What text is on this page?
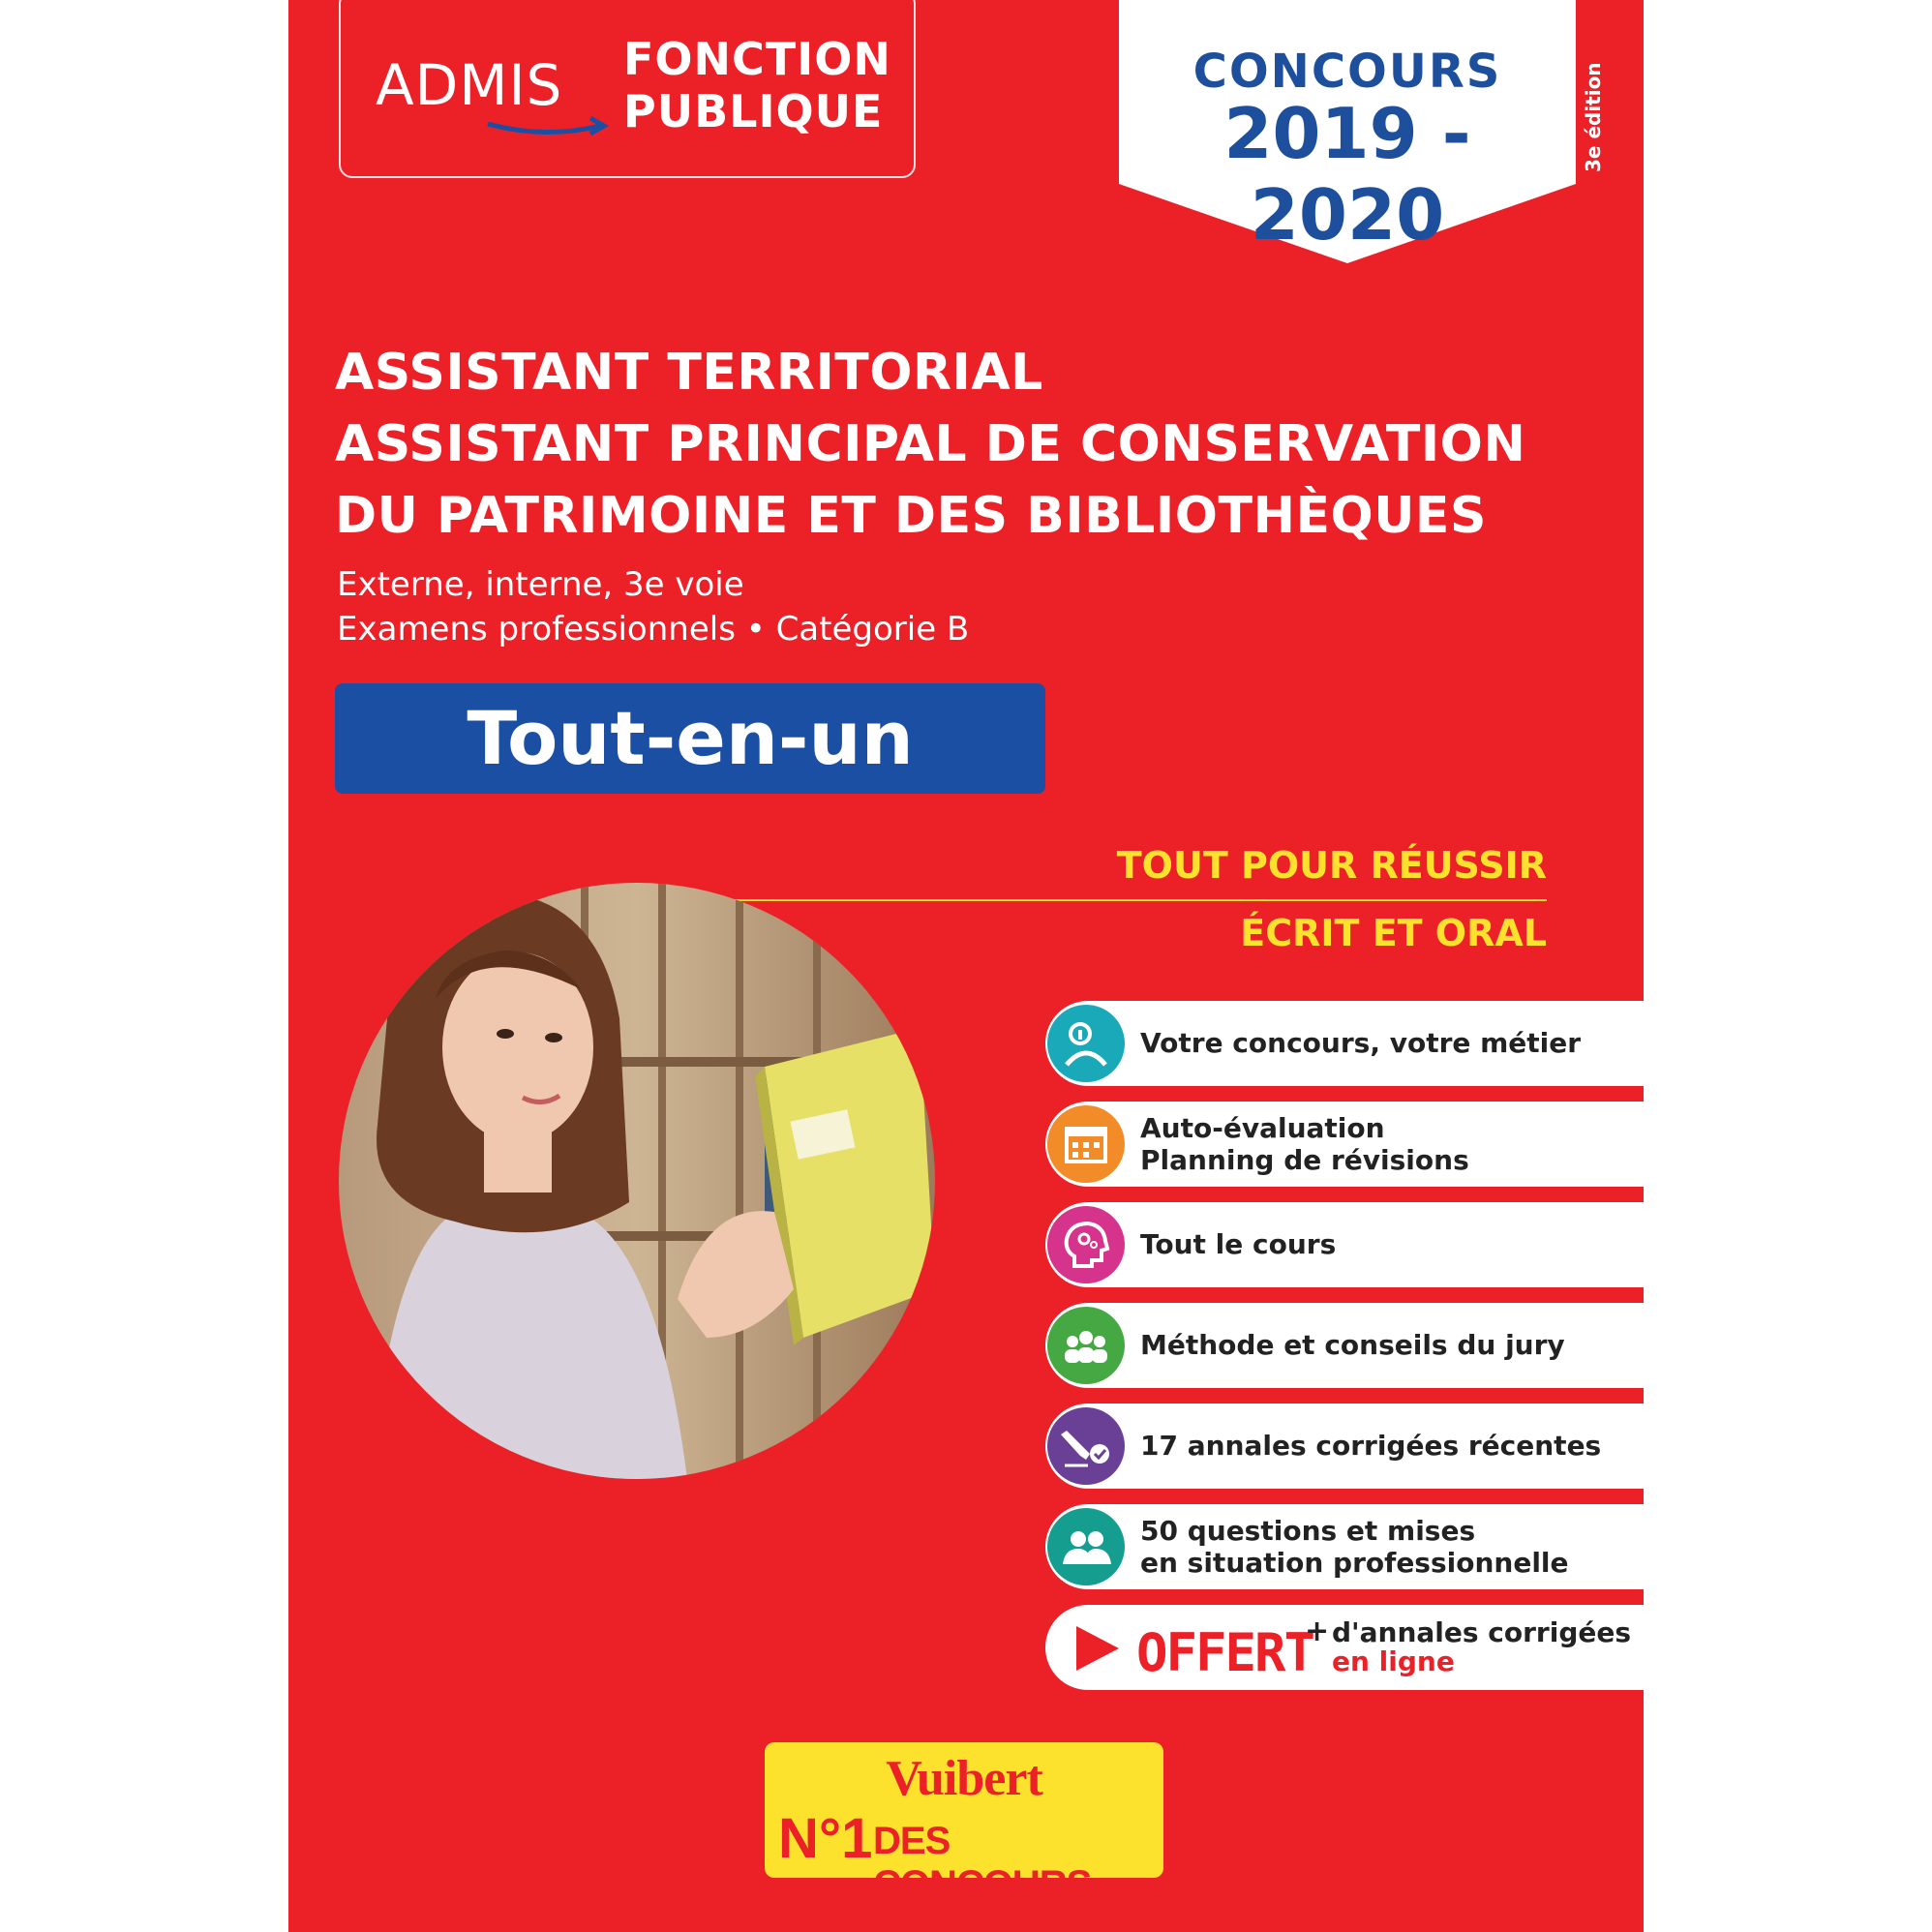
ADMIS FONCTION
PUBLIQUE
CONCOURS
2019 - 2020
3e édition
ASSISTANT TERRITORIAL
ASSISTANT PRINCIPAL DE CONSERVATION
DU PATRIMOINE ET DES BIBLIOTHÈQUES
Externe, interne, 3e voie
Examens professionnels • Catégorie B
Tout-en-un
TOUT POUR RÉUSSIR
ÉCRIT ET ORAL
Votre concours, votre métier
Auto-évaluation
Planning de révisions
Tout le cours
Méthode et conseils du jury
17 annales corrigées récentes
50 questions et mises
en situation professionnelle
OFFERT
+ d'annales corrigées
en ligne
Vuibert
N°1 DES CONCOURS
